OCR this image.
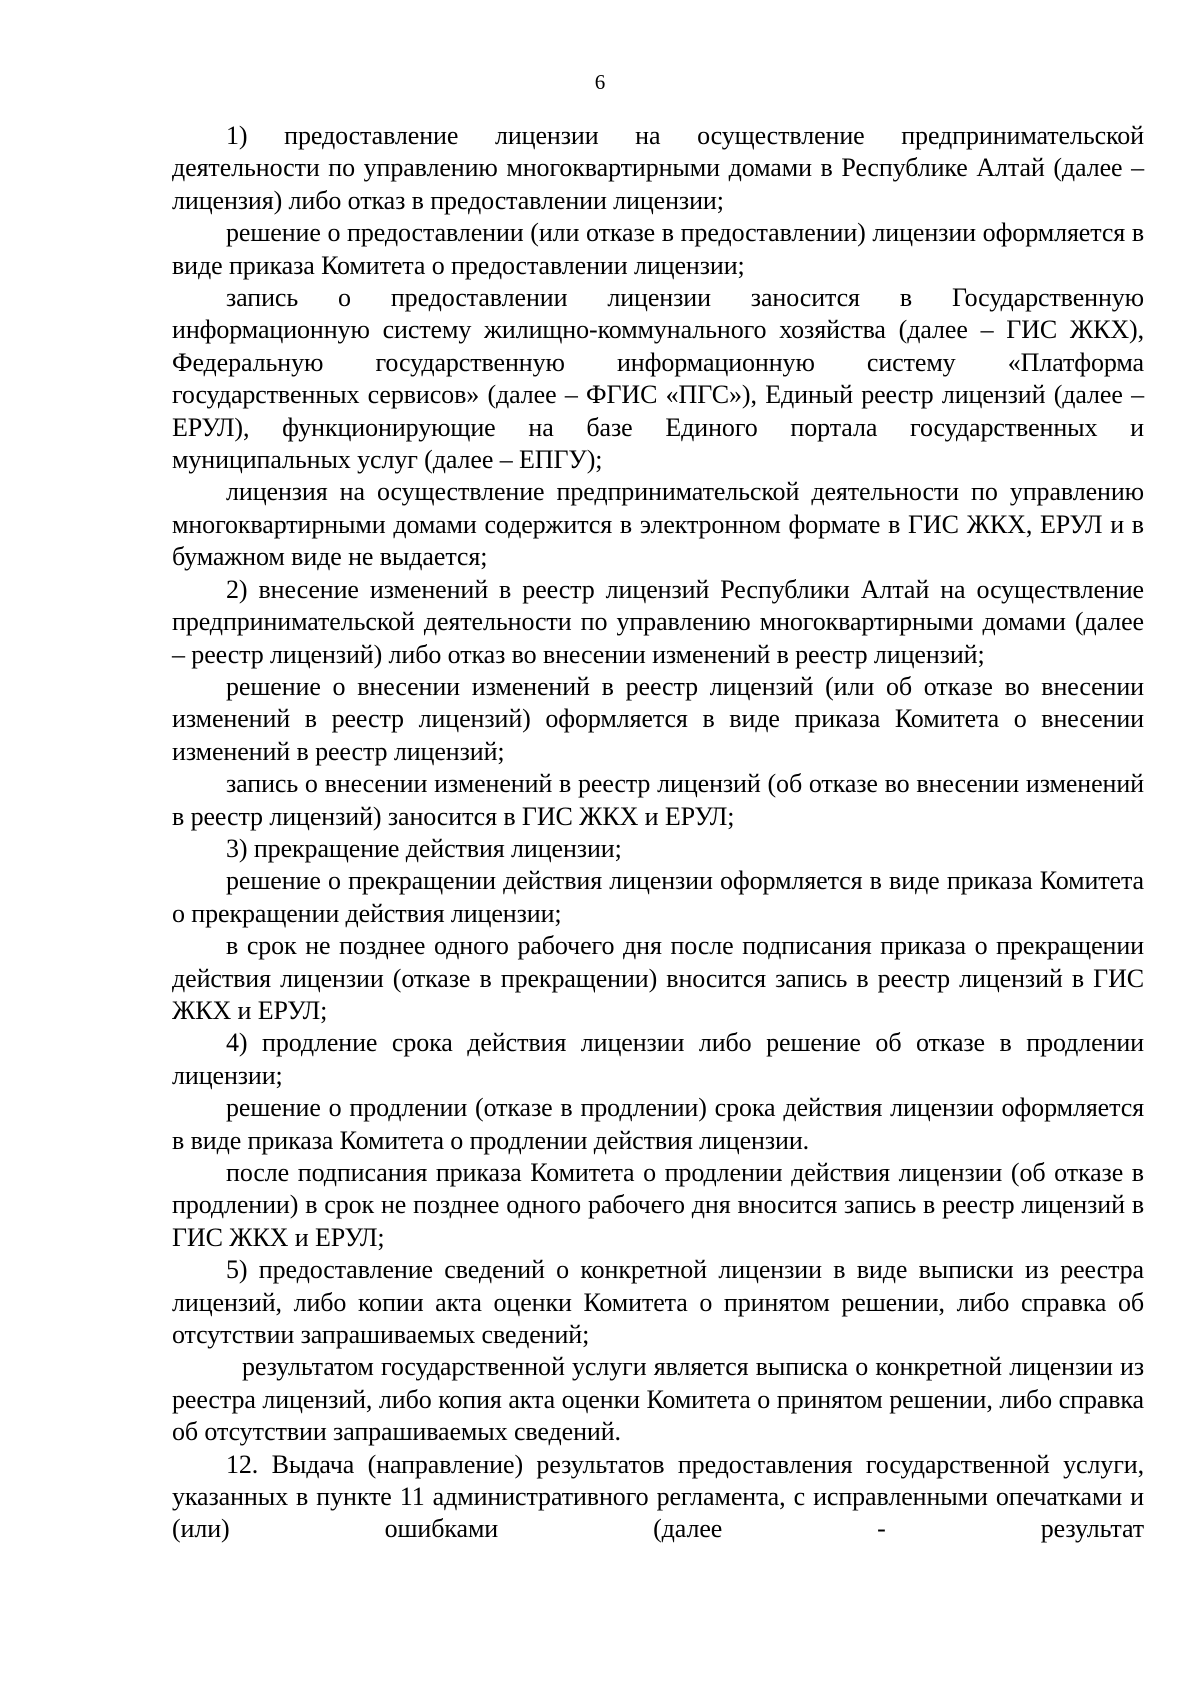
6

1) предоставление лицензии на осуществление предпринимательской деятельности по управлению многоквартирными домами в Республике Алтай (далее – лицензия) либо отказ в предоставлении лицензии;

решение о предоставлении (или отказе в предоставлении) лицензии оформляется в виде приказа Комитета о предоставлении лицензии;

запись о предоставлении лицензии заносится в Государственную информационную систему жилищно-коммунального хозяйства (далее – ГИС ЖКХ), Федеральную государственную информационную систему «Платформа государственных сервисов» (далее – ФГИС «ПГС»), Единый реестр лицензий (далее – ЕРУЛ), функционирующие на базе Единого портала государственных и муниципальных услуг (далее – ЕПГУ);

лицензия на осуществление предпринимательской деятельности по управлению многоквартирными домами содержится в электронном формате в ГИС ЖКХ, ЕРУЛ и в бумажном виде не выдается;

2) внесение изменений в реестр лицензий Республики Алтай на осуществление предпринимательской деятельности по управлению многоквартирными домами (далее – реестр лицензий) либо отказ во внесении изменений в реестр лицензий;

решение о внесении изменений в реестр лицензий (или об отказе во внесении изменений в реестр лицензий) оформляется в виде приказа Комитета о внесении изменений в реестр лицензий;

запись о внесении изменений в реестр лицензий (об отказе во внесении изменений в реестр лицензий) заносится в ГИС ЖКХ и ЕРУЛ;

3) прекращение действия лицензии;

решение о прекращении действия лицензии оформляется в виде приказа Комитета о прекращении действия лицензии;

в срок не позднее одного рабочего дня после подписания приказа о прекращении действия лицензии (отказе в прекращении) вносится запись в реестр лицензий в ГИС ЖКХ и ЕРУЛ;

4) продление срока действия лицензии либо решение об отказе в продлении лицензии;

решение о продлении (отказе в продлении) срока действия лицензии оформляется в виде приказа Комитета о продлении действия лицензии.

после подписания приказа Комитета о продлении действия лицензии (об отказе в продлении) в срок не позднее одного рабочего дня вносится запись в реестр лицензий в ГИС ЖКХ и ЕРУЛ;

5) предоставление сведений о конкретной лицензии в виде выписки из реестра лицензий, либо копии акта оценки Комитета о принятом решении, либо справка об отсутствии запрашиваемых сведений;

результатом государственной услуги является выписка о конкретной лицензии из реестра лицензий, либо копия акта оценки Комитета о принятом решении, либо справка об отсутствии запрашиваемых сведений.

12. Выдача (направление) результатов предоставления государственной услуги, указанных в пункте 11 административного регламента, с исправленными опечатками и (или) ошибками (далее - результат
